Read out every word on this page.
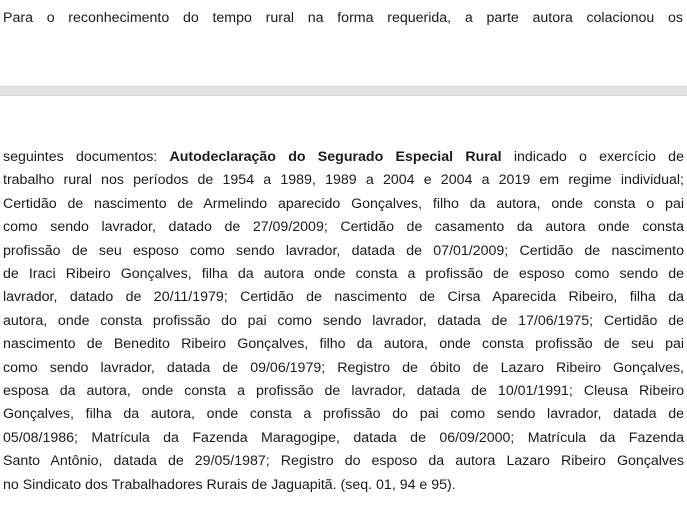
Para o reconhecimento do tempo rural na forma requerida, a parte autora colacionou os

seguintes documentos: Autodeclaração do Segurado Especial Rural indicado o exercício de
trabalho rural nos períodos de 1954 a 1989, 1989 a 2004 e 2004 a 2019 em regime individual;
Certidão de nascimento de Armelindo aparecido Gonçalves, filho da autora, onde consta o pai
como sendo lavrador, datado de 27/09/2009; Certidão de casamento da autora onde consta
profissão de seu esposo como sendo lavrador, datada de 07/01/2009; Certidão de nascimento
de Iraci Ribeiro Gonçalves, filha da autora onde consta a profissão de esposo como sendo de
lavrador, datado de 20/11/1979; Certidão de nascimento de Cirsa Aparecida Ribeiro, filha da
autora, onde consta profissão do pai como sendo lavrador, datada de 17/06/1975; Certidão de
nascimento de Benedito Ribeiro Gonçalves, filho da autora, onde consta profissão de seu pai
como sendo lavrador, datada de 09/06/1979; Registro de óbito de Lazaro Ribeiro Gonçalves,
esposa da autora, onde consta a profissão de lavrador, datada de 10/01/1991; Cleusa Ribeiro
Gonçalves, filha da autora, onde consta a profissão do pai como sendo lavrador, datada de
05/08/1986; Matrícula da Fazenda Maragogipe, datada de 06/09/2000; Matrícula da Fazenda
Santo Antônio, datada de 29/05/1987; Registro do esposo da autora Lazaro Ribeiro Gonçalves
no Sindicato dos Trabalhadores Rurais de Jaguapitã. (seq. 01, 94 e 95).
